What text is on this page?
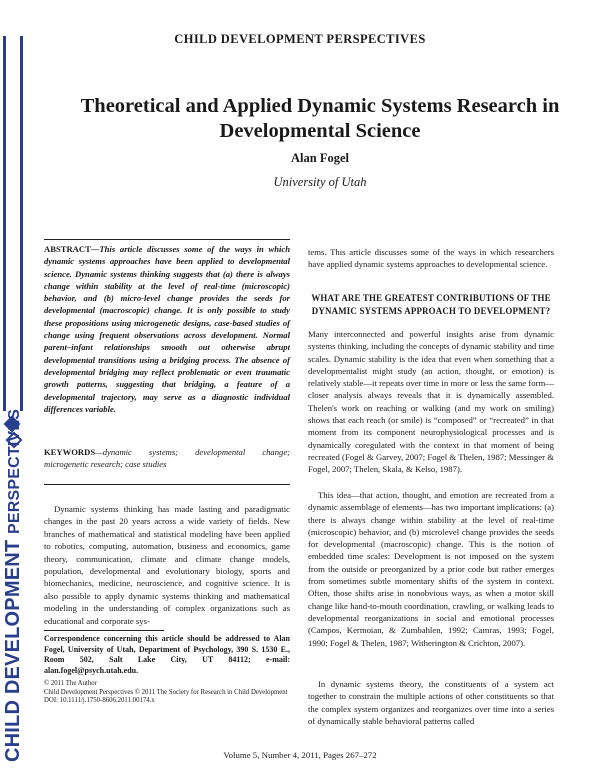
CHILD DEVELOPMENT PERSPECTIVES
CHILD DEVELOPMENT PERSPECTIVES
Theoretical and Applied Dynamic Systems Research in Developmental Science
Alan Fogel
University of Utah
ABSTRACT—This article discusses some of the ways in which dynamic systems approaches have been applied to developmental science. Dynamic systems thinking suggests that (a) there is always change within stability at the level of real-time (microscopic) behavior, and (b) micro-level change provides the seeds for developmental (macroscopic) change. It is only possible to study these propositions using microgenetic designs, case-based studies of change using frequent observations across development. Normal parent–infant relationships smooth out otherwise abrupt developmental transitions using a bridging process. The absence of developmental bridging may reflect problematic or even traumatic growth patterns, suggesting that bridging, a feature of a developmental trajectory, may serve as a diagnostic individual differences variable.
KEYWORDS—dynamic systems; developmental change; microgenetic research; case studies
Dynamic systems thinking has made lasting and paradigmatic changes in the past 20 years across a wide variety of fields. New branches of mathematical and statistical modeling have been applied to robotics, computing, automation, business and economics, game theory, communication, climate and climate change models, population, developmental and evolutionary biology, sports and biomechanics, medicine, neuroscience, and cognitive science. It is also possible to apply dynamic systems thinking and mathematical modeling in the understanding of complex organizations such as educational and corporate sys-
Correspondence concerning this article should be addressed to Alan Fogel, University of Utah, Department of Psychology, 390 S. 1530 E., Room 502, Salt Lake City, UT 84112; e-mail: alan.fogel@psych.utah.edu.
© 2011 The Author
Child Development Perspectives © 2011 The Society for Research in Child Development
DOI: 10.1111/j.1750-8606.2011.00174.x
tems. This article discusses some of the ways in which researchers have applied dynamic systems approaches to developmental science.
WHAT ARE THE GREATEST CONTRIBUTIONS OF THE DYNAMIC SYSTEMS APPROACH TO DEVELOPMENT?
Many interconnected and powerful insights arise from dynamic systems thinking, including the concepts of dynamic stability and time scales. Dynamic stability is the idea that even when something that a developmentalist might study (an action, thought, or emotion) is relatively stable—it repeats over time in more or less the same form—closer analysis always reveals that it is dynamically assembled. Thelen's work on reaching or walking (and my work on smiling) shows that each reach (or smile) is “composed” or “recreated” in that moment from its component neurophysiological processes and is dynamically coregulated with the context in that moment of being recreated (Fogel & Garvey, 2007; Fogel & Thelen, 1987; Messinger & Fogel, 2007; Thelen, Skala, & Kelso, 1987).
This idea—that action, thought, and emotion are recreated from a dynamic assemblage of elements—has two important implications: (a) there is always change within stability at the level of real-time (microscopic) behavior, and (b) microlevel change provides the seeds for developmental (macroscopic) change. This is the notion of embedded time scales: Development is not imposed on the system from the outside or preorganized by a prior code but rather emerges from sometimes subtle momentary shifts of the system in context. Often, those shifts arise in nonobvious ways, as when a motor skill change like hand-to-mouth coordination, crawling, or walking leads to developmental reorganizations in social and emotional processes (Campos, Kermoian, & Zumbahlen, 1992; Camras, 1993; Fogel, 1990; Fogel & Thelen, 1987; Witherington & Crichton, 2007).
In dynamic systems theory, the constituents of a system act together to constrain the multiple actions of other constituents so that the complex system organizes and reorganizes over time into a series of dynamically stable behavioral patterns called
Volume 5, Number 4, 2011, Pages 267–272
